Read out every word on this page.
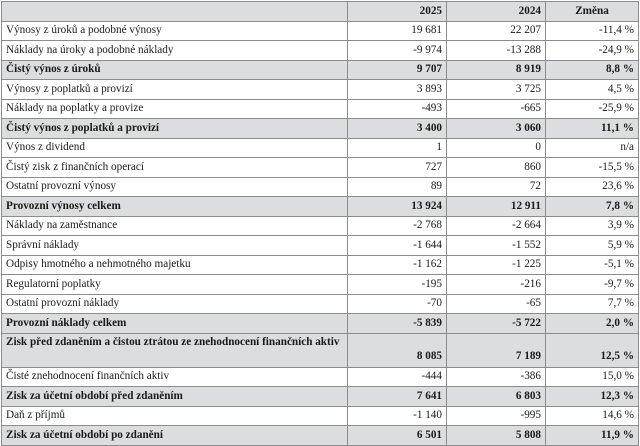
	2025	2024	Změna
Výnosy z úroků a podobné výnosy	19 681	22 207	-11,4 %
Náklady na úroky a podobné náklady	-9 974	-13 288	-24,9 %
Čistý výnos z úroků	9 707	8 919	8,8 %
Výnosy z poplatků a provizí	3 893	3 725	4,5 %
Náklady na poplatky a provize	-493	-665	-25,9 %
Čistý výnos z poplatků a provizí	3 400	3 060	11,1 %
Výnos z dividend	1	0	n/a
Čistý zisk z finančních operací	727	860	-15,5 %
Ostatní provozní výnosy	89	72	23,6 %
Provozní výnosy celkem	13 924	12 911	7,8 %
Náklady na zaměstnance	-2 768	-2 664	3,9 %
Správní náklady	-1 644	-1 552	5,9 %
Odpisy hmotného a nehmotného majetku	-1 162	-1 225	-5,1 %
Regulatorní poplatky	-195	-216	-9,7 %
Ostatní provozní náklady	-70	-65	7,7 %
Provozní náklady celkem	-5 839	-5 722	2,0 %
Zisk před zdaněním a čistou ztrátou ze znehodnocení finančních aktiv	8 085	7 189	12,5 %
Čisté znehodnocení finančních aktiv	-444	-386	15,0 %
Zisk za účetní období před zdaněním	7 641	6 803	12,3 %
Daň z příjmů	-1 140	-995	14,6 %
Zisk za účetní období po zdanění	6 501	5 808	11,9 %
